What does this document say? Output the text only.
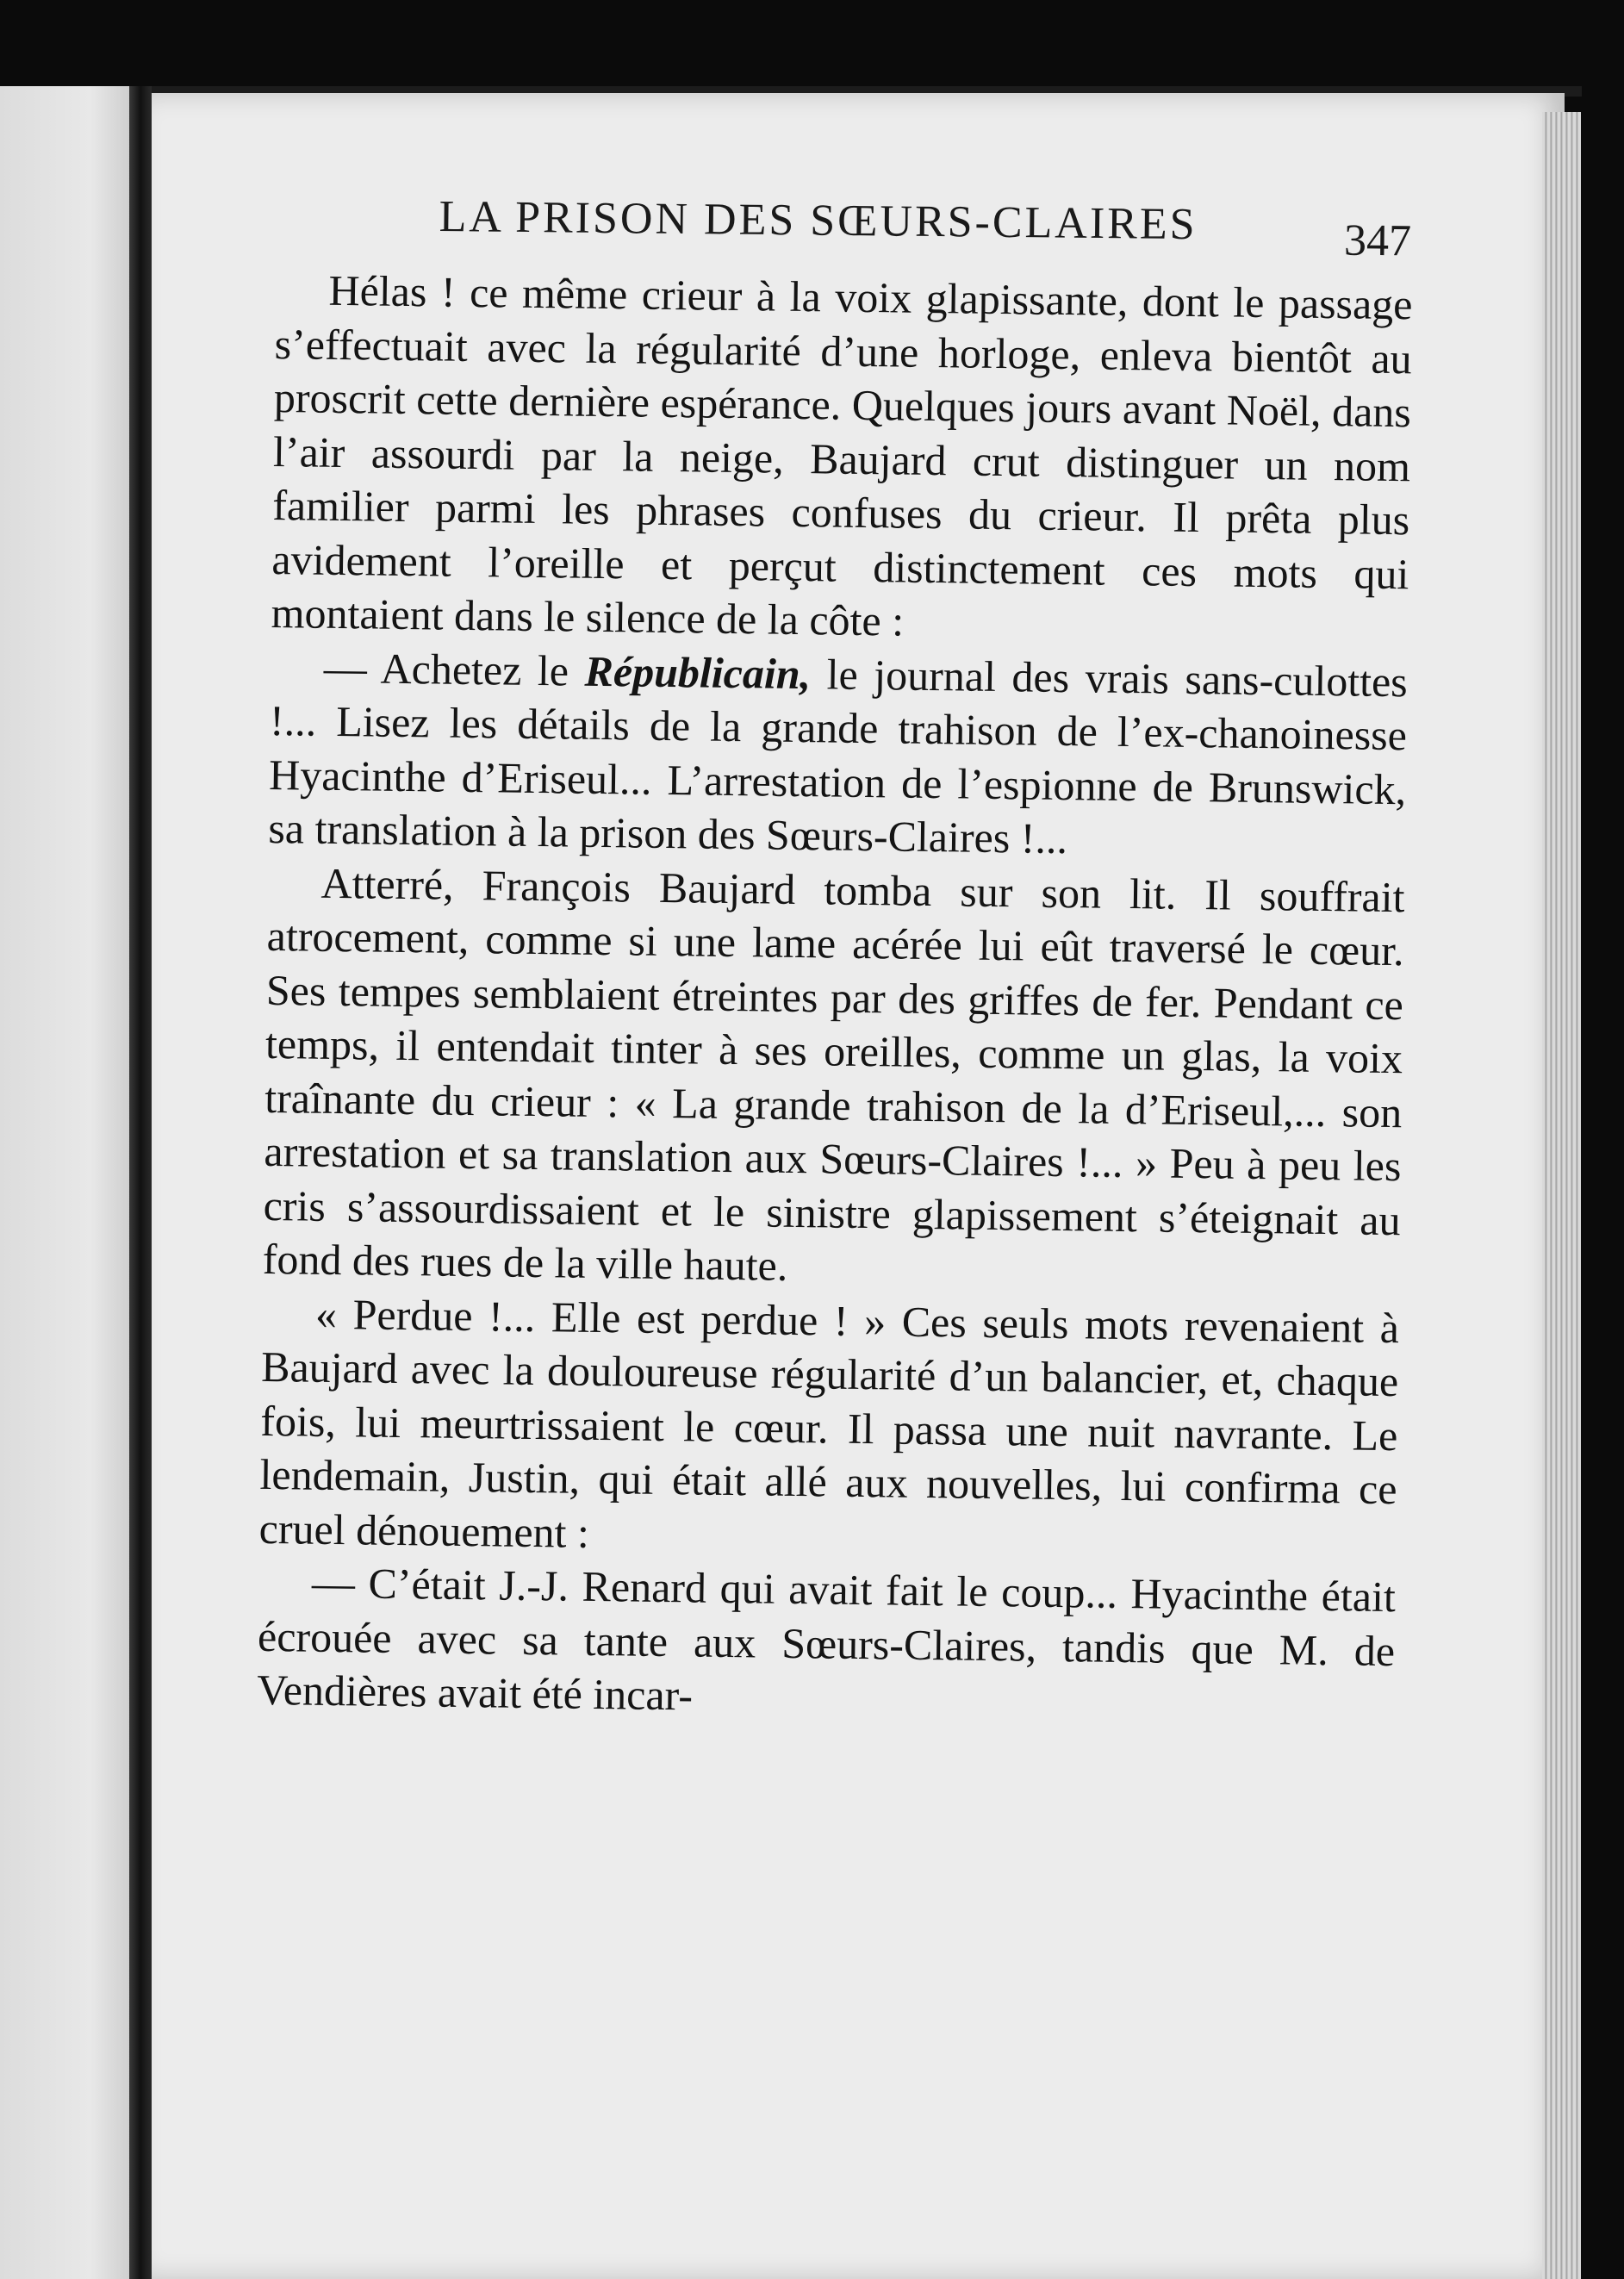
LA PRISON DES SŒURS-CLAIRES	347

Hélas ! ce même crieur à la voix glapissante, dont le passage s’effectuait avec la régularité d’une horloge, enleva bientôt au proscrit cette dernière espérance. Quelques jours avant Noël, dans l’air assourdi par la neige, Baujard crut distinguer un nom familier parmi les phrases confuses du crieur. Il prêta plus avidement l’oreille et perçut distinctement ces mots qui montaient dans le silence de la côte :

— Achetez le Républicain, le journal des vrais sans-culottes !... Lisez les détails de la grande trahison de l’ex-chanoinesse Hyacinthe d’Eriseul... L’arrestation de l’espionne de Brunswick, sa translation à la prison des Sœurs-Claires !...

Atterré, François Baujard tomba sur son lit. Il souffrait atrocement, comme si une lame acérée lui eût traversé le cœur. Ses tempes semblaient étreintes par des griffes de fer. Pendant ce temps, il entendait tinter à ses oreilles, comme un glas, la voix traînante du crieur : « La grande trahison de la d’Eriseul,... son arrestation et sa translation aux Sœurs-Claires !... » Peu à peu les cris s’assourdissaient et le sinistre glapissement s’éteignait au fond des rues de la ville haute.

« Perdue !... Elle est perdue ! » Ces seuls mots revenaient à Baujard avec la douloureuse régularité d’un balancier, et, chaque fois, lui meurtrissaient le cœur. Il passa une nuit navrante. Le lendemain, Justin, qui était allé aux nouvelles, lui confirma ce cruel dénouement :

— C’était J.-J. Renard qui avait fait le coup... Hyacinthe était écrouée avec sa tante aux Sœurs-Claires, tandis que M. de Vendières avait été incar-
